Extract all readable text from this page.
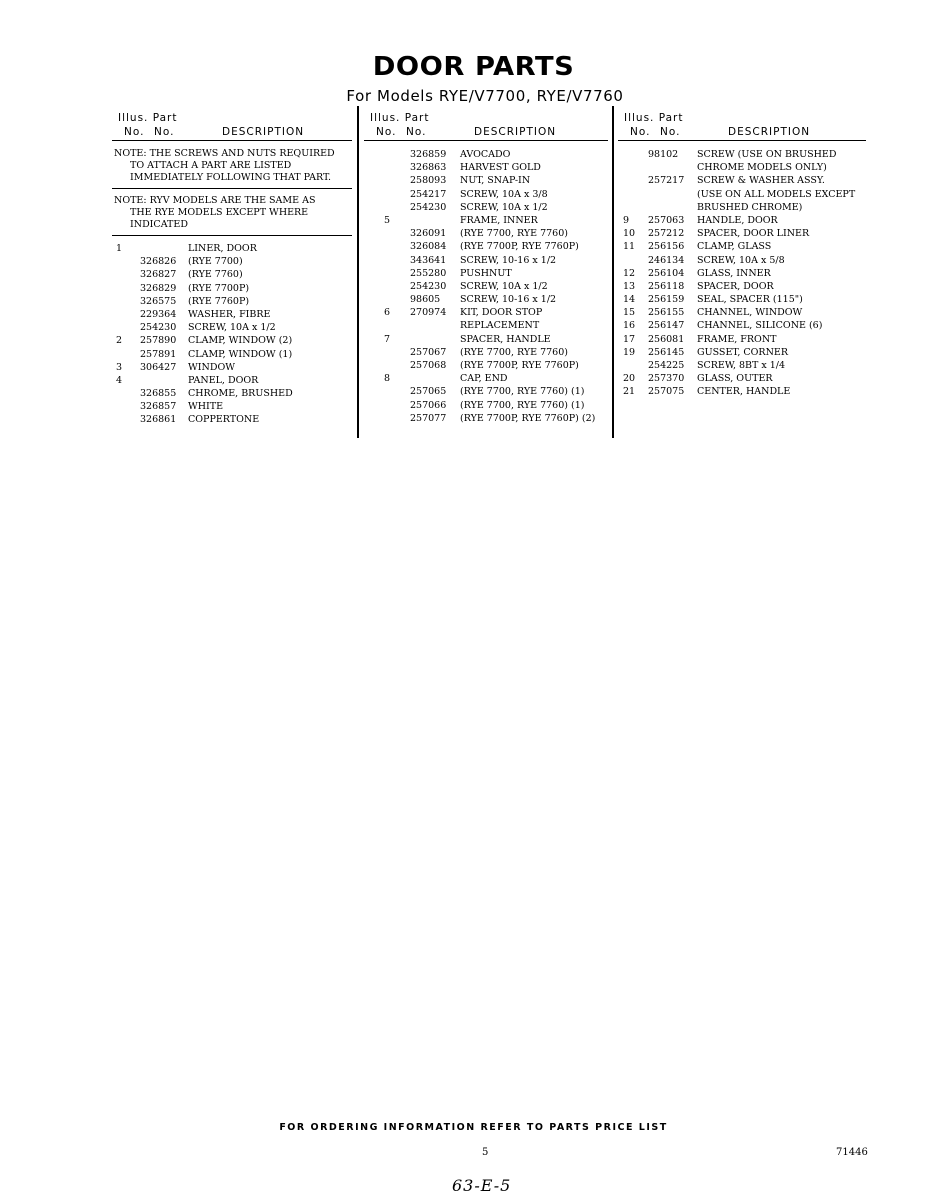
DOOR PARTS
For Models RYE/V7700, RYE/V7760
Illus. Part
No. No.	DESCRIPTION
NOTE: THE SCREWS AND NUTS REQUIRED
TO ATTACH A PART ARE LISTED
IMMEDIATELY FOLLOWING THAT PART.
NOTE: RYV MODELS ARE THE SAME AS
THE RYE MODELS EXCEPT WHERE
INDICATED
1	LINER, DOOR
326826 (RYE 7700)
326827 (RYE 7760)
326829 (RYE 7700P)
326575 (RYE 7760P)
229364 WASHER, FIBRE
254230 SCREW, 10A x 1/2
2 257890 CLAMP, WINDOW (2)
257891 CLAMP, WINDOW (1)
3 306427 WINDOW
4	PANEL, DOOR
326855 CHROME, BRUSHED
326857 WHITE
326861 COPPERTONE
Illus. Part
No. No.	DESCRIPTION
326859 AVOCADO
326863 HARVEST GOLD
258093 NUT, SNAP-IN
254217 SCREW, 10A x 3/8
254230 SCREW, 10A x 1/2
5	FRAME, INNER
326091 (RYE 7700, RYE 7760)
326084 (RYE 7700P, RYE 7760P)
343641 SCREW, 10-16 x 1/2
255280 PUSHNUT
254230 SCREW, 10A x 1/2
98605 SCREW, 10-16 x 1/2
6 270974 KIT, DOOR STOP
REPLACEMENT
7	SPACER, HANDLE
257067 (RYE 7700, RYE 7760)
257068 (RYE 7700P, RYE 7760P)
8	CAP, END
257065 (RYE 7700, RYE 7760) (1)
257066 (RYE 7700, RYE 7760) (1)
257077 (RYE 7700P, RYE 7760P) (2)
Illus. Part
No. No.	DESCRIPTION
98102 SCREW (USE ON BRUSHED
CHROME MODELS ONLY)
257217 SCREW & WASHER ASSY.
(USE ON ALL MODELS EXCEPT
BRUSHED CHROME)
9 257063 HANDLE, DOOR
10 257212 SPACER, DOOR LINER
11 256156 CLAMP, GLASS
246134 SCREW, 10A x 5/8
12 256104 GLASS, INNER
13 256118 SPACER, DOOR
14 256159 SEAL, SPACER (115")
15 256155 CHANNEL, WINDOW
16 256147 CHANNEL, SILICONE (6)
17 256081 FRAME, FRONT
19 256145 GUSSET, CORNER
254225 SCREW, 8BT x 1/4
20 257370 GLASS, OUTER
21 257075 CENTER, HANDLE
FOR ORDERING INFORMATION REFER TO PARTS PRICE LIST
5	71446
63-E-5
